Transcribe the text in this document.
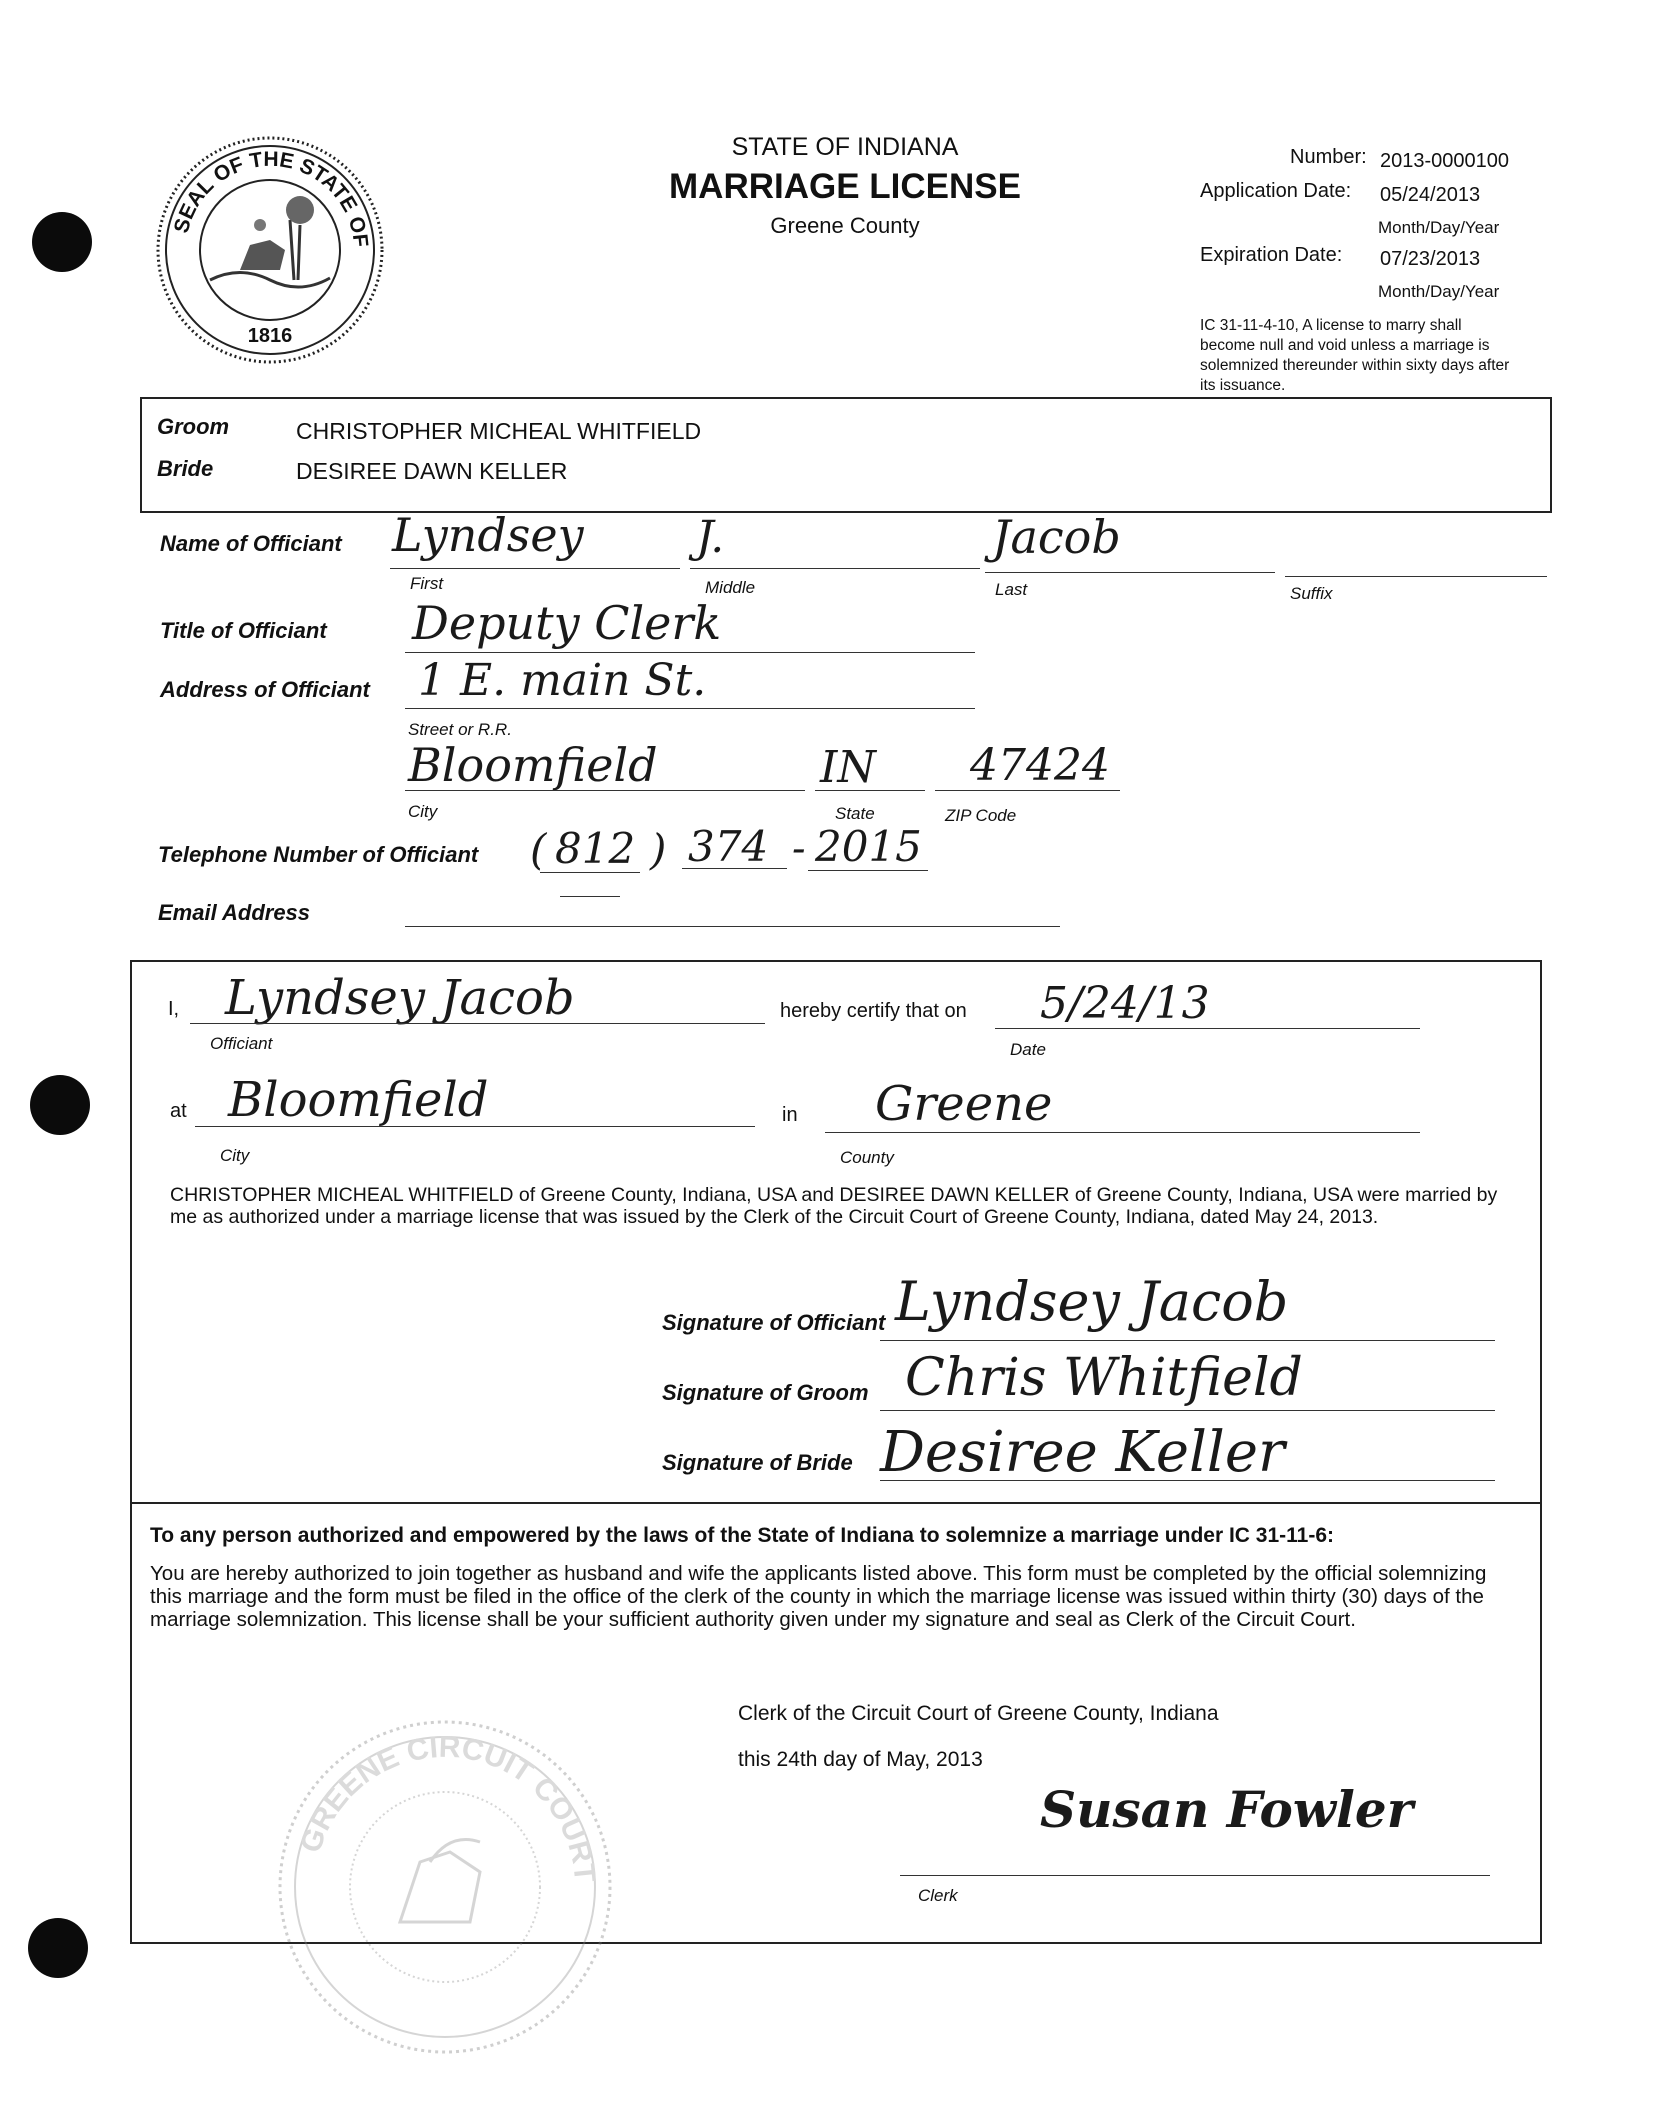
SEAL OF THE STATE OF
1816
STATE OF INDIANA
MARRIAGE LICENSE
Greene County
Number: 2013-0000100
Application Date: 05/24/2013
Month/Day/Year
Expiration Date: 07/23/2013
Month/Day/Year
IC 31-11-4-10, A license to marry shall become null and void unless a marriage is solemnized thereunder within sixty days after its issuance.
Groom	CHRISTOPHER MICHEAL WHITFIELD
Bride	DESIREE DAWN KELLER
Name of Officiant Lyndsey
First
J.
Middle
Jacob
Last	Suffix
Title of Officiant Deputy Clerk
Address of Officiant 1 E. main St.
Street or R.R.
Bloomfield
City
IN
State
47424
ZIP Code
Telephone Number of Officiant ( 812 ) 374 - 2015
Email Address
I, Lyndsey Jacob
Officiant
hereby certify that on 5/24/13
Date
at Bloomfield
City
in Greene
County
CHRISTOPHER MICHEAL WHITFIELD of Greene County, Indiana, USA and DESIREE DAWN KELLER of Greene County, Indiana, USA were married by me as authorized under a marriage license that was issued by the Clerk of the Circuit Court of Greene County, Indiana, dated May 24, 2013.
Signature of Officiant Lyndsey Jacob
Signature of Groom Chris Whitfield
Signature of Bride Desiree Keller
To any person authorized and empowered by the laws of the State of Indiana to solemnize a marriage under IC 31-11-6:
You are hereby authorized to join together as husband and wife the applicants listed above. This form must be completed by the official solemnizing this marriage and the form must be filed in the office of the clerk of the county in which the marriage license was issued within thirty (30) days of the marriage solemnization. This license shall be your sufficient authority given under my signature and seal as Clerk of the Circuit Court.
GREENE CIRCUIT COURT
Clerk of the Circuit Court of Greene County, Indiana
this 24th day of May, 2013
Susan Fowler
Clerk
